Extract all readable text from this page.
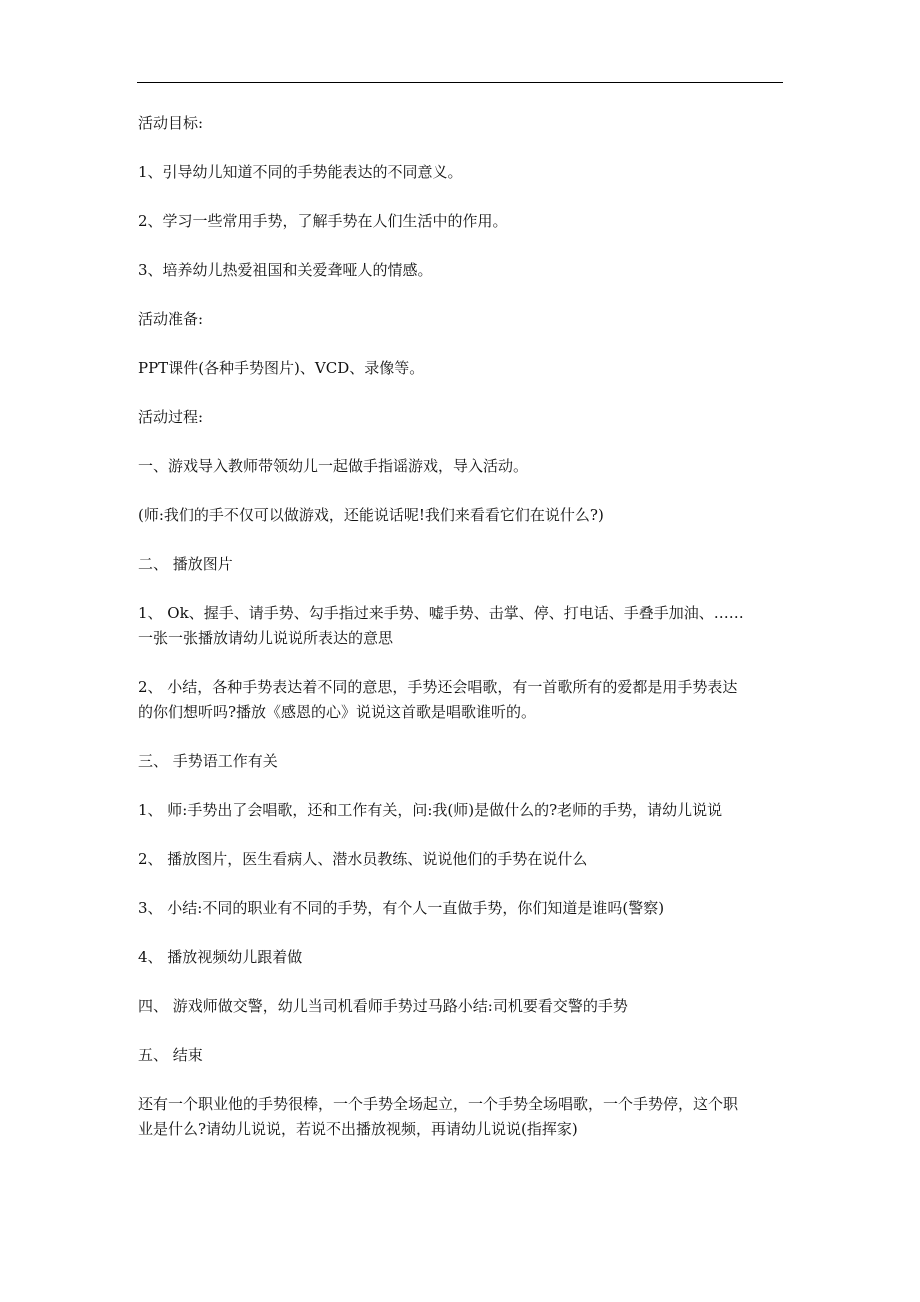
活动目标:

1、引导幼儿知道不同的手势能表达的不同意义。

2、学习一些常用手势，了解手势在人们生活中的作用。

3、培养幼儿热爱祖国和关爱聋哑人的情感。

活动准备:

PPT课件(各种手势图片)、VCD、录像等。

活动过程:

一、游戏导入教师带领幼儿一起做手指谣游戏，导入活动。

(师:我们的手不仅可以做游戏，还能说话呢!我们来看看它们在说什么?)

二、 播放图片

1、 Ok、握手、请手势、勾手指过来手势、嘘手势、击掌、停、打电话、手叠手加油、……
一张一张播放请幼儿说说所表达的意思

2、 小结，各种手势表达着不同的意思，手势还会唱歌，有一首歌所有的爱都是用手势表达
的你们想听吗?播放《感恩的心》说说这首歌是唱歌谁听的。

三、 手势语工作有关

1、 师:手势出了会唱歌，还和工作有关，问:我(师)是做什么的?老师的手势，请幼儿说说

2、 播放图片，医生看病人、潜水员教练、说说他们的手势在说什么

3、 小结:不同的职业有不同的手势，有个人一直做手势，你们知道是谁吗(警察)

4、 播放视频幼儿跟着做

四、 游戏师做交警，幼儿当司机看师手势过马路小结:司机要看交警的手势

五、 结束

还有一个职业他的手势很棒，一个手势全场起立，一个手势全场唱歌，一个手势停，这个职
业是什么?请幼儿说说，若说不出播放视频，再请幼儿说说(指挥家)
